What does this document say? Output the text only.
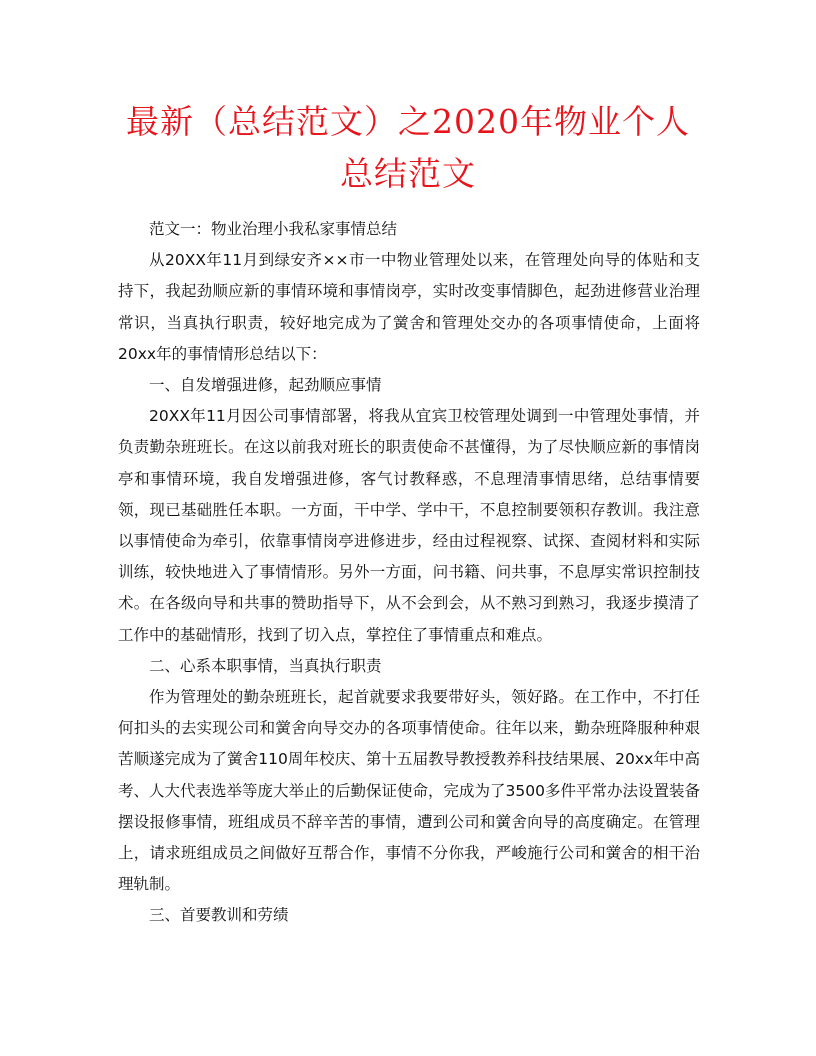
最新（总结范文）之2020年物业个人总结范文

范文一：物业治理小我私家事情总结

从20XX年11月到绿安齐××市一中物业管理处以来，在管理处向导的体贴和支持下，我起劲顺应新的事情环境和事情岗亭，实时改变事情脚色，起劲进修营业治理常识，当真执行职责，较好地完成为了黉舍和管理处交办的各项事情使命，上面将20xx年的事情情形总结以下：

一、自发增强进修，起劲顺应事情

20XX年11月因公司事情部署，将我从宜宾卫校管理处调到一中管理处事情，并负责勤杂班班长。在这以前我对班长的职责使命不甚懂得，为了尽快顺应新的事情岗亭和事情环境，我自发增强进修，客气讨教释惑，不息理清事情思绪，总结事情要领，现已基础胜任本职。一方面，干中学、学中干，不息控制要领积存教训。我注意以事情使命为牵引，依靠事情岗亭进修进步，经由过程视察、试探、查阅材料和实际训练，较快地进入了事情情形。另外一方面，问书籍、问共事，不息厚实常识控制技术。在各级向导和共事的赞助指导下，从不会到会，从不熟习到熟习，我逐步摸清了工作中的基础情形，找到了切入点，掌控住了事情重点和难点。

二、心系本职事情，当真执行职责

作为管理处的勤杂班班长，起首就要求我要带好头，领好路。在工作中，不打任何扣头的去实现公司和黉舍向导交办的各项事情使命。往年以来，勤杂班降服种种艰苦顺遂完成为了黉舍110周年校庆、第十五届教导教授教养科技结果展、20xx年中高考、人大代表选举等庞大举止的后勤保证使命，完成为了3500多件平常办法设置装备摆设报修事情，班组成员不辞辛苦的事情，遭到公司和黉舍向导的高度确定。在管理上，请求班组成员之间做好互帮合作，事情不分你我，严峻施行公司和黉舍的相干治理轨制。

三、首要教训和劳绩
